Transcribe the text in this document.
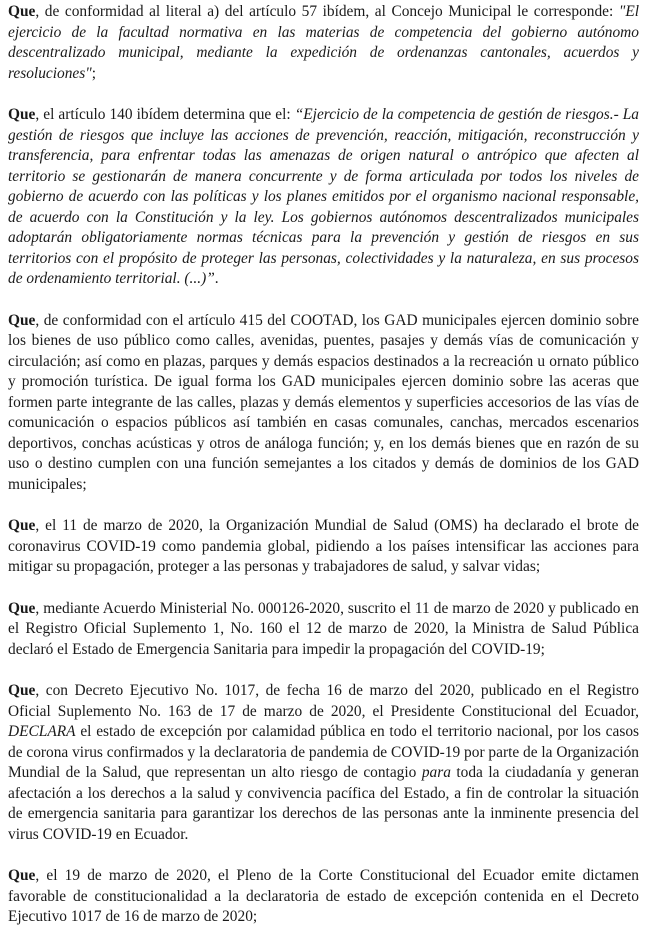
Que, de conformidad al literal a) del artículo 57 ibídem, al Concejo Municipal le corresponde: "El ejercicio de la facultad normativa en las materias de competencia del gobierno autónomo descentralizado municipal, mediante la expedición de ordenanzas cantonales, acuerdos y resoluciones";

Que, el artículo 140 ibídem determina que el: “Ejercicio de la competencia de gestión de riesgos.- La gestión de riesgos que incluye las acciones de prevención, reacción, mitigación, reconstrucción y transferencia, para enfrentar todas las amenazas de origen natural o antrópico que afecten al territorio se gestionarán de manera concurrente y de forma articulada por todos los niveles de gobierno de acuerdo con las políticas y los planes emitidos por el organismo nacional responsable, de acuerdo con la Constitución y la ley. Los gobiernos autónomos descentralizados municipales adoptarán obligatoriamente normas técnicas para la prevención y gestión de riesgos en sus territorios con el propósito de proteger las personas, colectividades y la naturaleza, en sus procesos de ordenamiento territorial. (...)”.

Que, de conformidad con el artículo 415 del COOTAD, los GAD municipales ejercen dominio sobre los bienes de uso público como calles, avenidas, puentes, pasajes y demás vías de comunicación y circulación; así como en plazas, parques y demás espacios destinados a la recreación u ornato público y promoción turística. De igual forma los GAD municipales ejercen dominio sobre las aceras que formen parte integrante de las calles, plazas y demás elementos y superficies accesorios de las vías de comunicación o espacios públicos así también en casas comunales, canchas, mercados escenarios deportivos, conchas acústicas y otros de análoga función; y, en los demás bienes que en razón de su uso o destino cumplen con una función semejantes a los citados y demás de dominios de los GAD municipales;

Que, el 11 de marzo de 2020, la Organización Mundial de Salud (OMS) ha declarado el brote de coronavirus COVID-19 como pandemia global, pidiendo a los países intensificar las acciones para mitigar su propagación, proteger a las personas y trabajadores de salud, y salvar vidas;

Que, mediante Acuerdo Ministerial No. 000126-2020, suscrito el 11 de marzo de 2020 y publicado en el Registro Oficial Suplemento 1, No. 160 el 12 de marzo de 2020, la Ministra de Salud Pública declaró el Estado de Emergencia Sanitaria para impedir la propagación del COVID-19;

Que, con Decreto Ejecutivo No. 1017, de fecha 16 de marzo del 2020, publicado en el Registro Oficial Suplemento No. 163 de 17 de marzo de 2020, el Presidente Constitucional del Ecuador, DECLARA el estado de excepción por calamidad pública en todo el territorio nacional, por los casos de corona virus confirmados y la declaratoria de pandemia de COVID-19 por parte de la Organización Mundial de la Salud, que representan un alto riesgo de contagio para toda la ciudadanía y generan afectación a los derechos a la salud y convivencia pacífica del Estado, a fin de controlar la situación de emergencia sanitaria para garantizar los derechos de las personas ante la inminente presencia del virus COVID-19 en Ecuador.

Que, el 19 de marzo de 2020, el Pleno de la Corte Constitucional del Ecuador emite dictamen favorable de constitucionalidad a la declaratoria de estado de excepción contenida en el Decreto Ejecutivo 1017 de 16 de marzo de 2020;
